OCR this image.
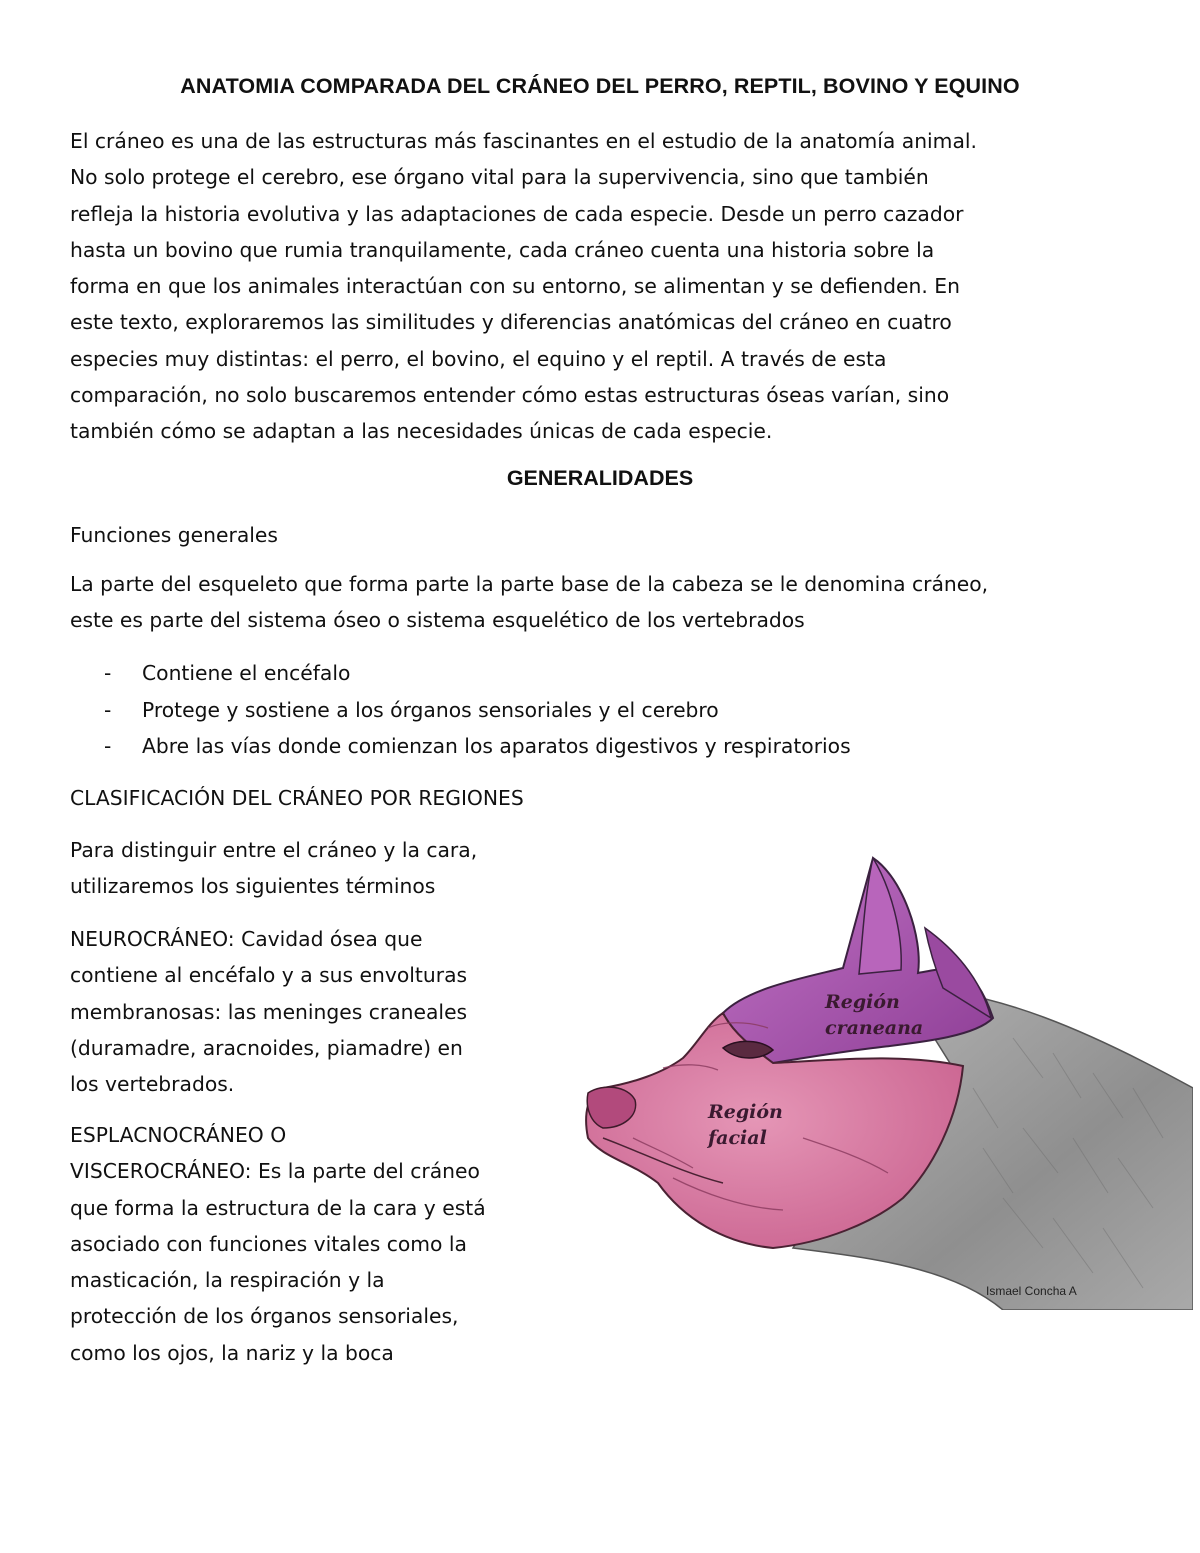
ANATOMIA COMPARADA DEL CRÁNEO DEL PERRO, REPTIL, BOVINO Y EQUINO
El cráneo es una de las estructuras más fascinantes en el estudio de la anatomía animal.
No solo protege el cerebro, ese órgano vital para la supervivencia, sino que también
refleja la historia evolutiva y las adaptaciones de cada especie. Desde un perro cazador
hasta un bovino que rumia tranquilamente, cada cráneo cuenta una historia sobre la
forma en que los animales interactúan con su entorno, se alimentan y se defienden. En
este texto, exploraremos las similitudes y diferencias anatómicas del cráneo en cuatro
especies muy distintas: el perro, el bovino, el equino y el reptil. A través de esta
comparación, no solo buscaremos entender cómo estas estructuras óseas varían, sino
también cómo se adaptan a las necesidades únicas de cada especie.
GENERALIDADES
Funciones generales
La parte del esqueleto que forma parte la parte base de la cabeza se le denomina cráneo,
este es parte del sistema óseo o sistema esquelético de los vertebrados
- Contiene el encéfalo
- Protege y sostiene a los órganos sensoriales y el cerebro
- Abre las vías donde comienzan los aparatos digestivos y respiratorios
CLASIFICACIÓN DEL CRÁNEO POR REGIONES
Para distinguir entre el cráneo y la cara,
utilizaremos los siguientes términos
NEUROCRÁNEO: Cavidad ósea que
contiene al encéfalo y a sus envolturas
membranosas: las meninges craneales
(duramadre, aracnoides, piamadre) en
los vertebrados.
ESPLACNOCRÁNEO O
VISCEROCRÁNEO: Es la parte del cráneo
que forma la estructura de la cara y está
asociado con funciones vitales como la
masticación, la respiración y la
protección de los órganos sensoriales,
como los ojos, la nariz y la boca
Región
craneana
Región
facial
Ismael Concha A
